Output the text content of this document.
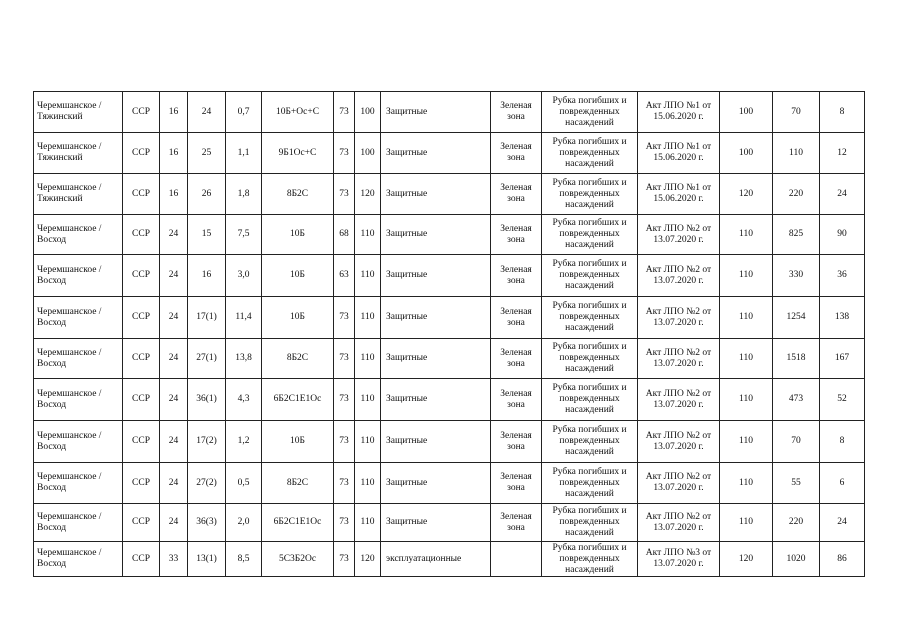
Черемшанское / Тяжинский	ССР	16	24	0,7	10Б+Ос+С	73	100	Защитные	Зеленая зона	Рубка погибших и поврежденных насаждений	Акт ЛПО №1 от 15.06.2020 г.	100	70	8
Черемшанское / Тяжинский	ССР	16	25	1,1	9Б1Ос+С	73	100	Защитные	Зеленая зона	Рубка погибших и поврежденных насаждений	Акт ЛПО №1 от 15.06.2020 г.	100	110	12
Черемшанское / Тяжинский	ССР	16	26	1,8	8Б2С	73	120	Защитные	Зеленая зона	Рубка погибших и поврежденных насаждений	Акт ЛПО №1 от 15.06.2020 г.	120	220	24
Черемшанское / Восход	ССР	24	15	7,5	10Б	68	110	Защитные	Зеленая зона	Рубка погибших и поврежденных насаждений	Акт ЛПО №2 от 13.07.2020 г.	110	825	90
Черемшанское / Восход	ССР	24	16	3,0	10Б	63	110	Защитные	Зеленая зона	Рубка погибших и поврежденных насаждений	Акт ЛПО №2 от 13.07.2020 г.	110	330	36
Черемшанское / Восход	ССР	24	17(1)	11,4	10Б	73	110	Защитные	Зеленая зона	Рубка погибших и поврежденных насаждений	Акт ЛПО №2 от 13.07.2020 г.	110	1254	138
Черемшанское / Восход	ССР	24	27(1)	13,8	8Б2С	73	110	Защитные	Зеленая зона	Рубка погибших и поврежденных насаждений	Акт ЛПО №2 от 13.07.2020 г.	110	1518	167
Черемшанское / Восход	ССР	24	36(1)	4,3	6Б2С1Е1Ос	73	110	Защитные	Зеленая зона	Рубка погибших и поврежденных насаждений	Акт ЛПО №2 от 13.07.2020 г.	110	473	52
Черемшанское / Восход	ССР	24	17(2)	1,2	10Б	73	110	Защитные	Зеленая зона	Рубка погибших и поврежденных насаждений	Акт ЛПО №2 от 13.07.2020 г.	110	70	8
Черемшанское / Восход	ССР	24	27(2)	0,5	8Б2С	73	110	Защитные	Зеленая зона	Рубка погибших и поврежденных насаждений	Акт ЛПО №2 от 13.07.2020 г.	110	55	6
Черемшанское / Восход	ССР	24	36(3)	2,0	6Б2С1Е1Ос	73	110	Защитные	Зеленая зона	Рубка погибших и поврежденных насаждений	Акт ЛПО №2 от 13.07.2020 г.	110	220	24
Черемшанское / Восход	ССР	33	13(1)	8,5	5С3Б2Ос	73	120	эксплуатационные		Рубка погибших и поврежденных насаждений	Акт ЛПО №3 от 13.07.2020 г.	120	1020	86
